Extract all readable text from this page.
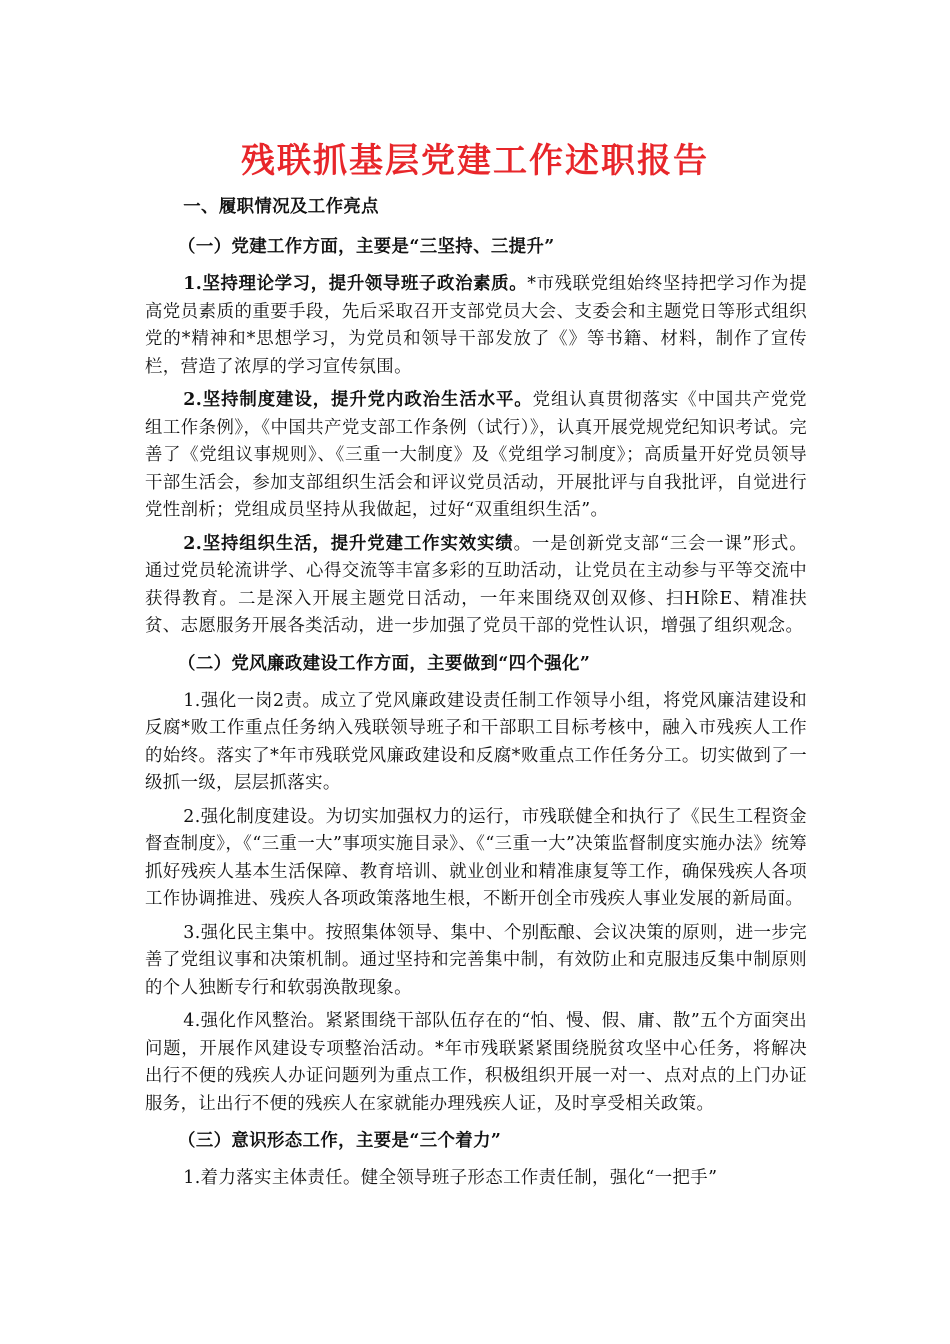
残联抓基层党建工作述职报告

一、履职情况及工作亮点

（一）党建工作方面，主要是“三坚持、三提升”

1.坚持理论学习，提升领导班子政治素质。*市残联党组始终坚持把学习作为提高党员素质的重要手段，先后采取召开支部党员大会、支委会和主题党日等形式组织党的*精神和*思想学习，为党员和领导干部发放了《》等书籍、材料，制作了宣传栏，营造了浓厚的学习宣传氛围。

2.坚持制度建设，提升党内政治生活水平。党组认真贯彻落实《中国共产党党组工作条例》，《中国共产党支部工作条例（试行）》，认真开展党规党纪知识考试。完善了《党组议事规则》、《三重一大制度》及《党组学习制度》；高质量开好党员领导干部生活会，参加支部组织生活会和评议党员活动，开展批评与自我批评，自觉进行党性剖析；党组成员坚持从我做起，过好“双重组织生活”。

2.坚持组织生活，提升党建工作实效实绩。一是创新党支部“三会一课”形式。通过党员轮流讲学、心得交流等丰富多彩的互助活动，让党员在主动参与平等交流中获得教育。二是深入开展主题党日活动，一年来围绕双创双修、扫H除E、精准扶贫、志愿服务开展各类活动，进一步加强了党员干部的党性认识，增强了组织观念。

（二）党风廉政建设工作方面，主要做到“四个强化”

1.强化一岗2责。成立了党风廉政建设责任制工作领导小组，将党风廉洁建设和反腐*败工作重点任务纳入残联领导班子和干部职工目标考核中，融入市残疾人工作的始终。落实了*年市残联党风廉政建设和反腐*败重点工作任务分工。切实做到了一级抓一级，层层抓落实。

2.强化制度建设。为切实加强权力的运行，市残联健全和执行了《民生工程资金督查制度》，《“三重一大”事项实施目录》、《“三重一大”决策监督制度实施办法》统筹抓好残疾人基本生活保障、教育培训、就业创业和精准康复等工作，确保残疾人各项工作协调推进、残疾人各项政策落地生根，不断开创全市残疾人事业发展的新局面。

3.强化民主集中。按照集体领导、集中、个别酝酿、会议决策的原则，进一步完善了党组议事和决策机制。通过坚持和完善集中制，有效防止和克服违反集中制原则的个人独断专行和软弱涣散现象。

4.强化作风整治。紧紧围绕干部队伍存在的“怕、慢、假、庸、散”五个方面突出问题，开展作风建设专项整治活动。*年市残联紧紧围绕脱贫攻坚中心任务，将解决出行不便的残疾人办证问题列为重点工作，积极组织开展一对一、点对点的上门办证服务，让出行不便的残疾人在家就能办理残疾人证，及时享受相关政策。

（三）意识形态工作，主要是“三个着力”

1.着力落实主体责任。健全领导班子形态工作责任制，强化“一把手”
